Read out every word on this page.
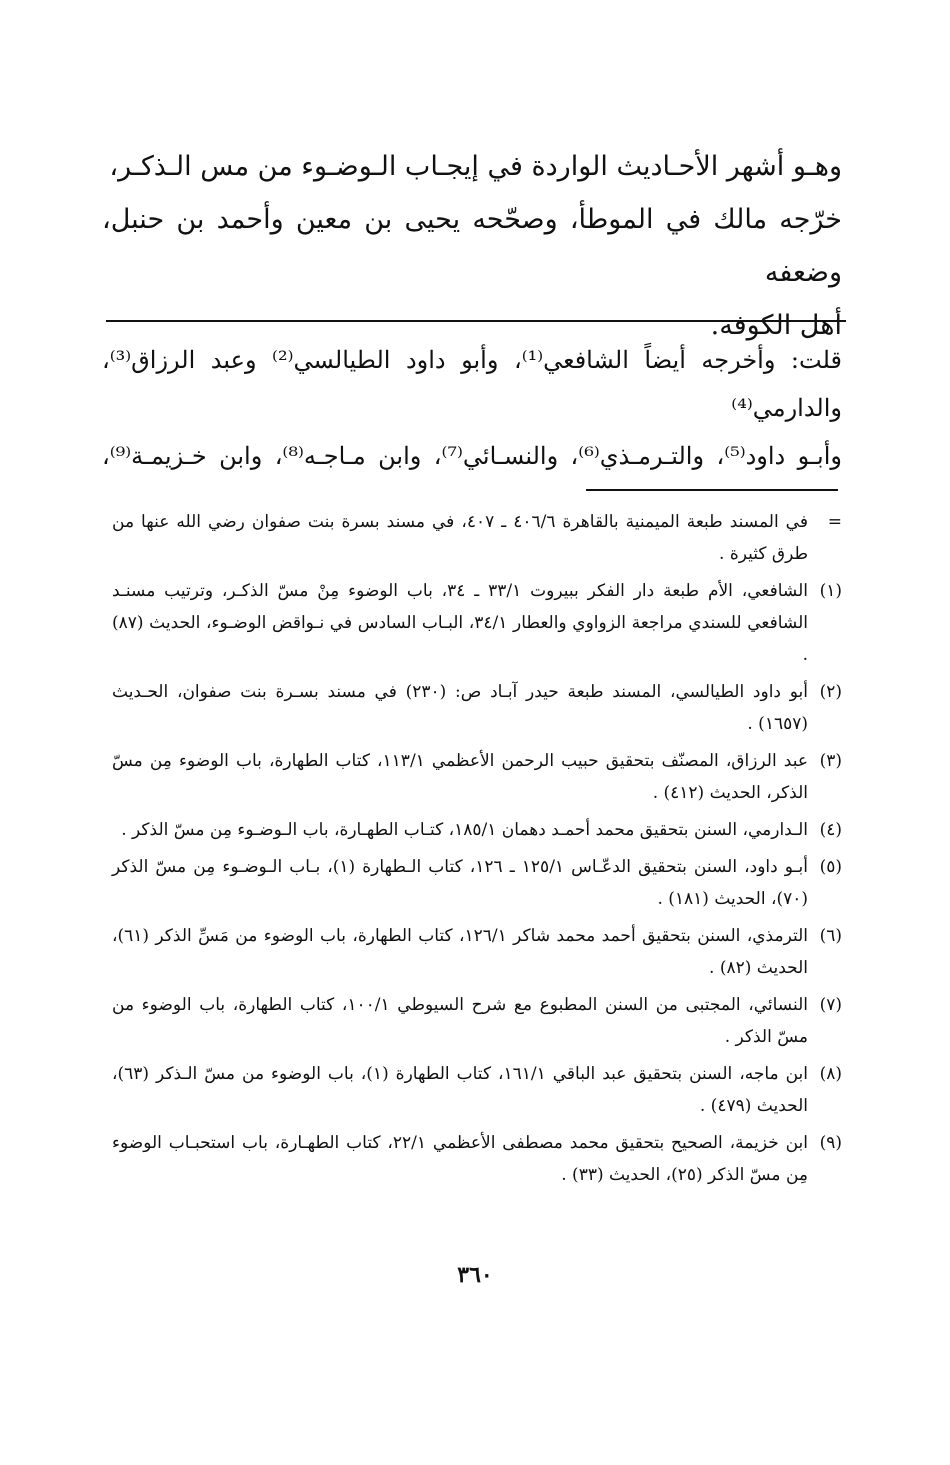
وهـو أشهر الأحـاديث الواردة في إيجـاب الـوضـوء من مس الـذكـر،

خرّجه مالك في الموطأ، وصحّحه يحيى بن معين وأحمد بن حنبل، وضعفه

أهل الكوفة.

قلت: وأخرجه أيضاً الشافعي⁽¹⁾، وأبو داود الطيالسي⁽²⁾ وعبد الرزاق⁽³⁾، والدارمي⁽⁴⁾

وأبـو داود⁽⁵⁾، والتـرمـذي⁽⁶⁾، والنسـائي⁽⁷⁾، وابن مـاجـه⁽⁸⁾، وابن خـزيمـة⁽⁹⁾،

=
في المسند طبعة الميمنية بالقاهرة ٤٠٦/٦ ـ ٤٠٧، في مسند بسرة بنت صفوان رضي الله عنها من طرق كثيرة .
(١)
الشافعي، الأم طبعة دار الفكر ببيروت ٣٣/١ ـ ٣٤، باب الوضوء مِنْ مسّ الذكـر، وترتيب مسنـد الشافعي للسندي مراجعة الزواوي والعطار ٣٤/١، البـاب السادس في نـواقض الوضـوء، الحديث (٨٧) .
(٢)
أبو داود الطيالسي، المسند طبعة حيدر آبـاد ص: (٢٣٠) في مسند بسـرة بنت صفوان، الحـديث (١٦٥٧) .
(٣)
عبد الرزاق، المصنّف بتحقيق حبيب الرحمن الأعظمي ١١٣/١، كتاب الطهارة، باب الوضوء مِن مسّ الذكر، الحديث (٤١٢) .
(٤)
الـدارمي، السنن بتحقيق محمد أحمـد دهمان ١٨٥/١، كتـاب الطهـارة، باب الـوضـوء مِن مسّ الذكر .
(٥)
أبـو داود، السنن بتحقيق الدعّـاس ١٢٥/١ ـ ١٢٦، كتاب الـطهارة (١)، بـاب الـوضـوء مِن مسّ الذكر (٧٠)، الحديث (١٨١) .
(٦)
الترمذي، السنن بتحقيق أحمد محمد شاكر ١٢٦/١، كتاب الطهارة، باب الوضوء من مَسِّ الذكر (٦١)، الحديث (٨٢) .
(٧)
النسائي، المجتبى من السنن المطبوع مع شرح السيوطي ١٠٠/١، كتاب الطهارة، باب الوضوء من مسّ الذكر .
(٨)
ابن ماجه، السنن بتحقيق عبد الباقي ١٦١/١، كتاب الطهارة (١)، باب الوضوء من مسّ الـذكر (٦٣)، الحديث (٤٧٩) .
(٩)
ابن خزيمة، الصحيح بتحقيق محمد مصطفى الأعظمي ٢٢/١، كتاب الطهـارة، باب استحبـاب الوضوء مِن مسّ الذكر (٢٥)، الحديث (٣٣) .
٣٦٠
